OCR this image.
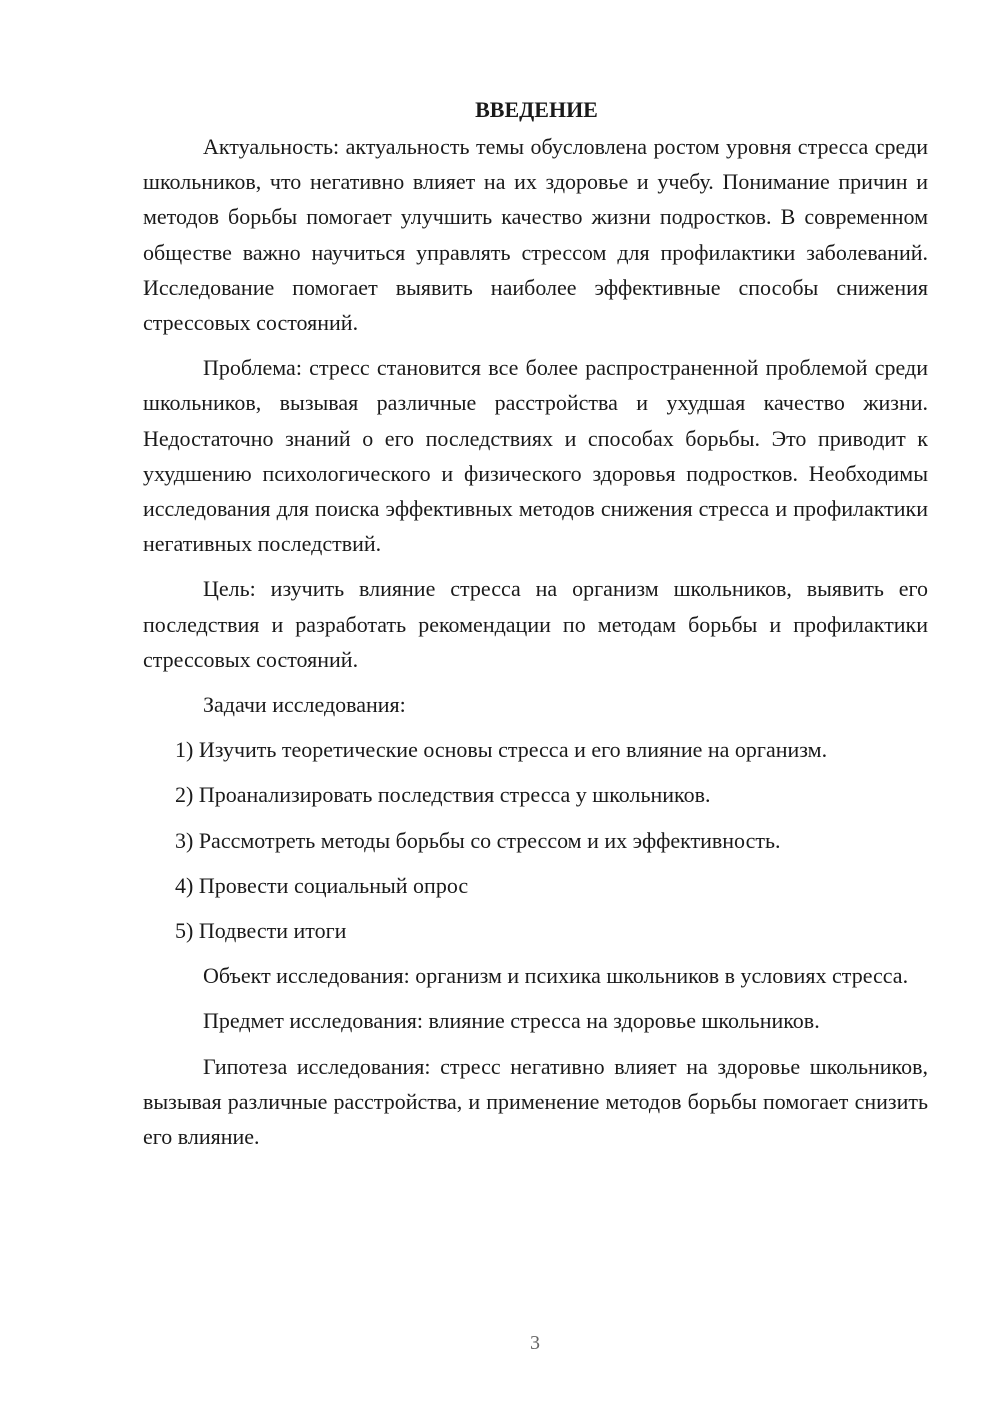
ВВЕДЕНИЕ

Актуальность: актуальность темы обусловлена ростом уровня стресса среди школьников, что негативно влияет на их здоровье и учебу. Понимание причин и методов борьбы помогает улучшить качество жизни подростков. В современном обществе важно научиться управлять стрессом для профилактики заболеваний. Исследование помогает выявить наиболее эффективные способы снижения стрессовых состояний.

Проблема: стресс становится все более распространенной проблемой среди школьников, вызывая различные расстройства и ухудшая качество жизни. Недостаточно знаний о его последствиях и способах борьбы. Это приводит к ухудшению психологического и физического здоровья подростков. Необходимы исследования для поиска эффективных методов снижения стресса и профилактики негативных последствий.

Цель: изучить влияние стресса на организм школьников, выявить его последствия и разработать рекомендации по методам борьбы и профилактики стрессовых состояний.

Задачи исследования:

1) Изучить теоретические основы стресса и его влияние на организм.

2) Проанализировать последствия стресса у школьников.

3) Рассмотреть методы борьбы со стрессом и их эффективность.

4) Провести социальный опрос

5) Подвести итоги

Объект исследования: организм и психика школьников в условиях стресса.

Предмет исследования: влияние стресса на здоровье школьников.

Гипотеза исследования: стресс негативно влияет на здоровье школьников, вызывая различные расстройства, и применение методов борьбы помогает снизить его влияние.

3
